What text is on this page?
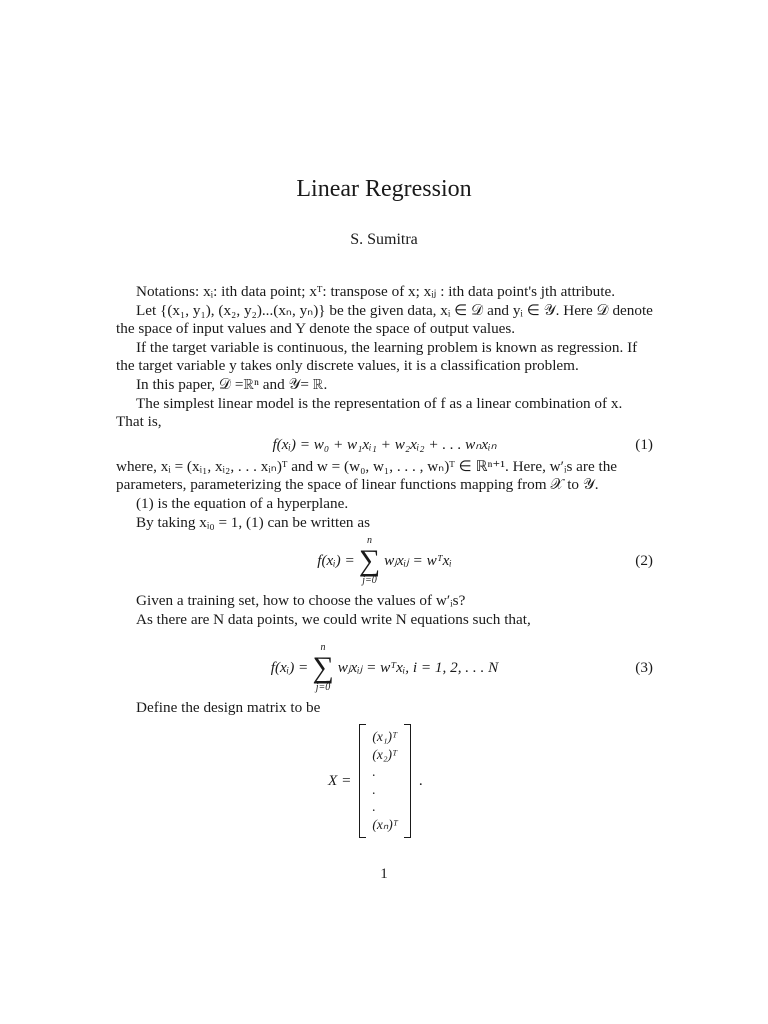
Linear Regression
S. Sumitra

Notations: xᵢ: ith data point; xᵀ: transpose of x; xᵢⱼ : ith data point's jth attribute.

Let {(x₁, y₁), (x₂, y₂)...(xₙ, yₙ)} be the given data, xᵢ ∈ 𝒟 and yᵢ ∈ 𝒴. Here 𝒟 denote the space of input values and Y denote the space of output values.

If the target variable is continuous, the learning problem is known as regression. If the target variable y takes only discrete values, it is a classification problem.

In this paper, 𝒟 =ℝⁿ and 𝒴= ℝ.

The simplest linear model is the representation of f as a linear combination of x. That is,

f(xᵢ) = w₀ + w₁xᵢ₁ + w₂xᵢ₂ + . . . wₙxᵢₙ	(1)

where, xᵢ = (xᵢ₁, xᵢ₂, . . . xᵢₙ)ᵀ and w = (w₀, w₁, . . . , wₙ)ᵀ ∈ ℝⁿ⁺¹. Here, w′ᵢs are the parameters, parameterizing the space of linear functions mapping from 𝒳 to 𝒴.

(1) is the equation of a hyperplane.

By taking xᵢ₀ = 1, (1) can be written as

f(xᵢ) =
n
∑
j=0
wⱼxᵢⱼ = wᵀxᵢ	(2)

Given a training set, how to choose the values of w′ᵢs?

As there are N data points, we could write N equations such that,

f(xᵢ) =
n
∑
j=0
wⱼxᵢⱼ = wᵀxᵢ, i = 1, 2, . . . N	(3)

Define the design matrix to be

X =
(x₁)ᵀ
(x₂)ᵀ
.
.
.
(xₙ)ᵀ
.
1
